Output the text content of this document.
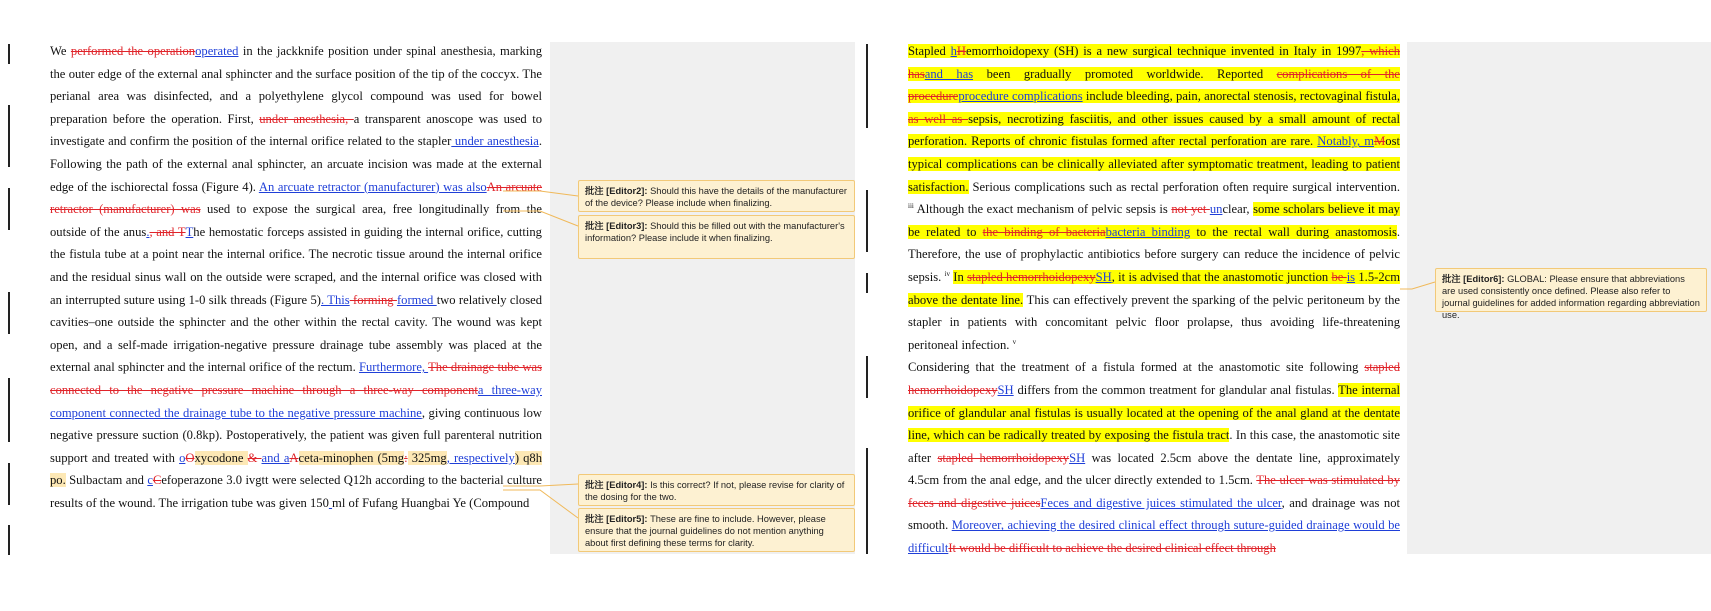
We performed the operationoperated in the jackknife position under spinal anesthesia, marking the outer edge of the external anal sphincter and the surface position of the tip of the coccyx. The perianal area was disinfected, and a polyethylene glycol compound was used for bowel preparation before the operation. First, under anesthesia, a transparent anoscope was used to investigate and confirm the position of the internal orifice related to the stapler under anesthesia. Following the path of the external anal sphincter, an arcuate incision was made at the external edge of the ischiorectal fossa (Figure 4). An arcuate retractor (manufacturer) was alsoAn arcuate retractor (manufacturer) was used to expose the surgical area, free longitudinally from the outside of the anus., and TThe hemostatic forceps assisted in guiding the internal orifice, cutting the fistula tube at a point near the internal orifice. The necrotic tissue around the internal orifice and the residual sinus wall on the outside were scraped, and the internal orifice was closed with an interrupted suture using 1-0 silk threads (Figure 5). This forming formed two relatively closed cavities–one outside the sphincter and the other within the rectal cavity. The wound was kept open, and a self-made irrigation-negative pressure drainage tube assembly was placed at the external anal sphincter and the internal orifice of the rectum. Furthermore, The drainage tube was connected to the negative pressure machine through a three-way componenta three-way component connected the drainage tube to the negative pressure machine, giving continuous low negative pressure suction (0.8kp). Postoperatively, the patient was given full parenteral nutrition support and treated with oOxycodone & and aAceta-minophen (5mg: 325mg, respectively) q8h po. Sulbactam and cCefoperazone 3.0 ivgtt were selected Q12h according to the bacterial culture results of the wound. The irrigation tube was given 150 ml of Fufang Huangbai Ye (Compound

Stapled hHemorrhoidopexy (SH) is a new surgical technique invented in Italy in 1997, which hasand has been gradually promoted worldwide. Reported complications of the procedureprocedure complications include bleeding, pain, anorectal stenosis, rectovaginal fistula, as well as sepsis, necrotizing fasciitis, and other issues caused by a small amount of rectal perforation. Reports of chronic fistulas formed after rectal perforation are rare. Notably, mMost typical complications can be clinically alleviated after symptomatic treatment, leading to patient satisfaction. Serious complications such as rectal perforation often require surgical intervention. $^{iii}$ Although the exact mechanism of pelvic sepsis is not yet unclear, some scholars believe it may be related to the binding of bacteriabacteria binding to the rectal wall during anastomosis. Therefore, the use of prophylactic antibiotics before surgery can reduce the incidence of pelvic sepsis. $^{iv}$ In stapled hemorrhoidopexySH, it is advised that the anastomotic junction be is 1.5-2cm above the dentate line. This can effectively prevent the sparking of the pelvic peritoneum by the stapler in patients with concomitant pelvic floor prolapse, thus avoiding life-threatening peritoneal infection. $^v$

Considering that the treatment of a fistula formed at the anastomotic site following stapled hemorrhoidopexySH differs from the common treatment for glandular anal fistulas. The internal orifice of glandular anal fistulas is usually located at the opening of the anal gland at the dentate line, which can be radically treated by exposing the fistula tract. In this case, the anastomotic site after stapled hemorrhoidopexySH was located 2.5cm above the dentate line, approximately 4.5cm from the anal edge, and the ulcer directly extended to 1.5cm. The ulcer was stimulated by feces and digestive juicesFeces and digestive juices stimulated the ulcer, and drainage was not smooth. Moreover, achieving the desired clinical effect through suture-guided drainage would be difficultIt would be difficult to achieve the desired clinical effect through

批注 [Editor2]: Should this have the details of the manufacturer of the device? Please include when finalizing.
批注 [Editor3]: Should this be filled out with the manufacturer's information? Please include it when finalizing.
批注 [Editor4]: Is this correct? If not, please revise for clarity of the dosing for the two.
批注 [Editor5]: These are fine to include. However, please ensure that the journal guidelines do not mention anything about first defining these terms for clarity.
批注 [Editor6]: GLOBAL: Please ensure that abbreviations are used consistently once defined. Please also refer to journal guidelines for added information regarding abbreviation use.
